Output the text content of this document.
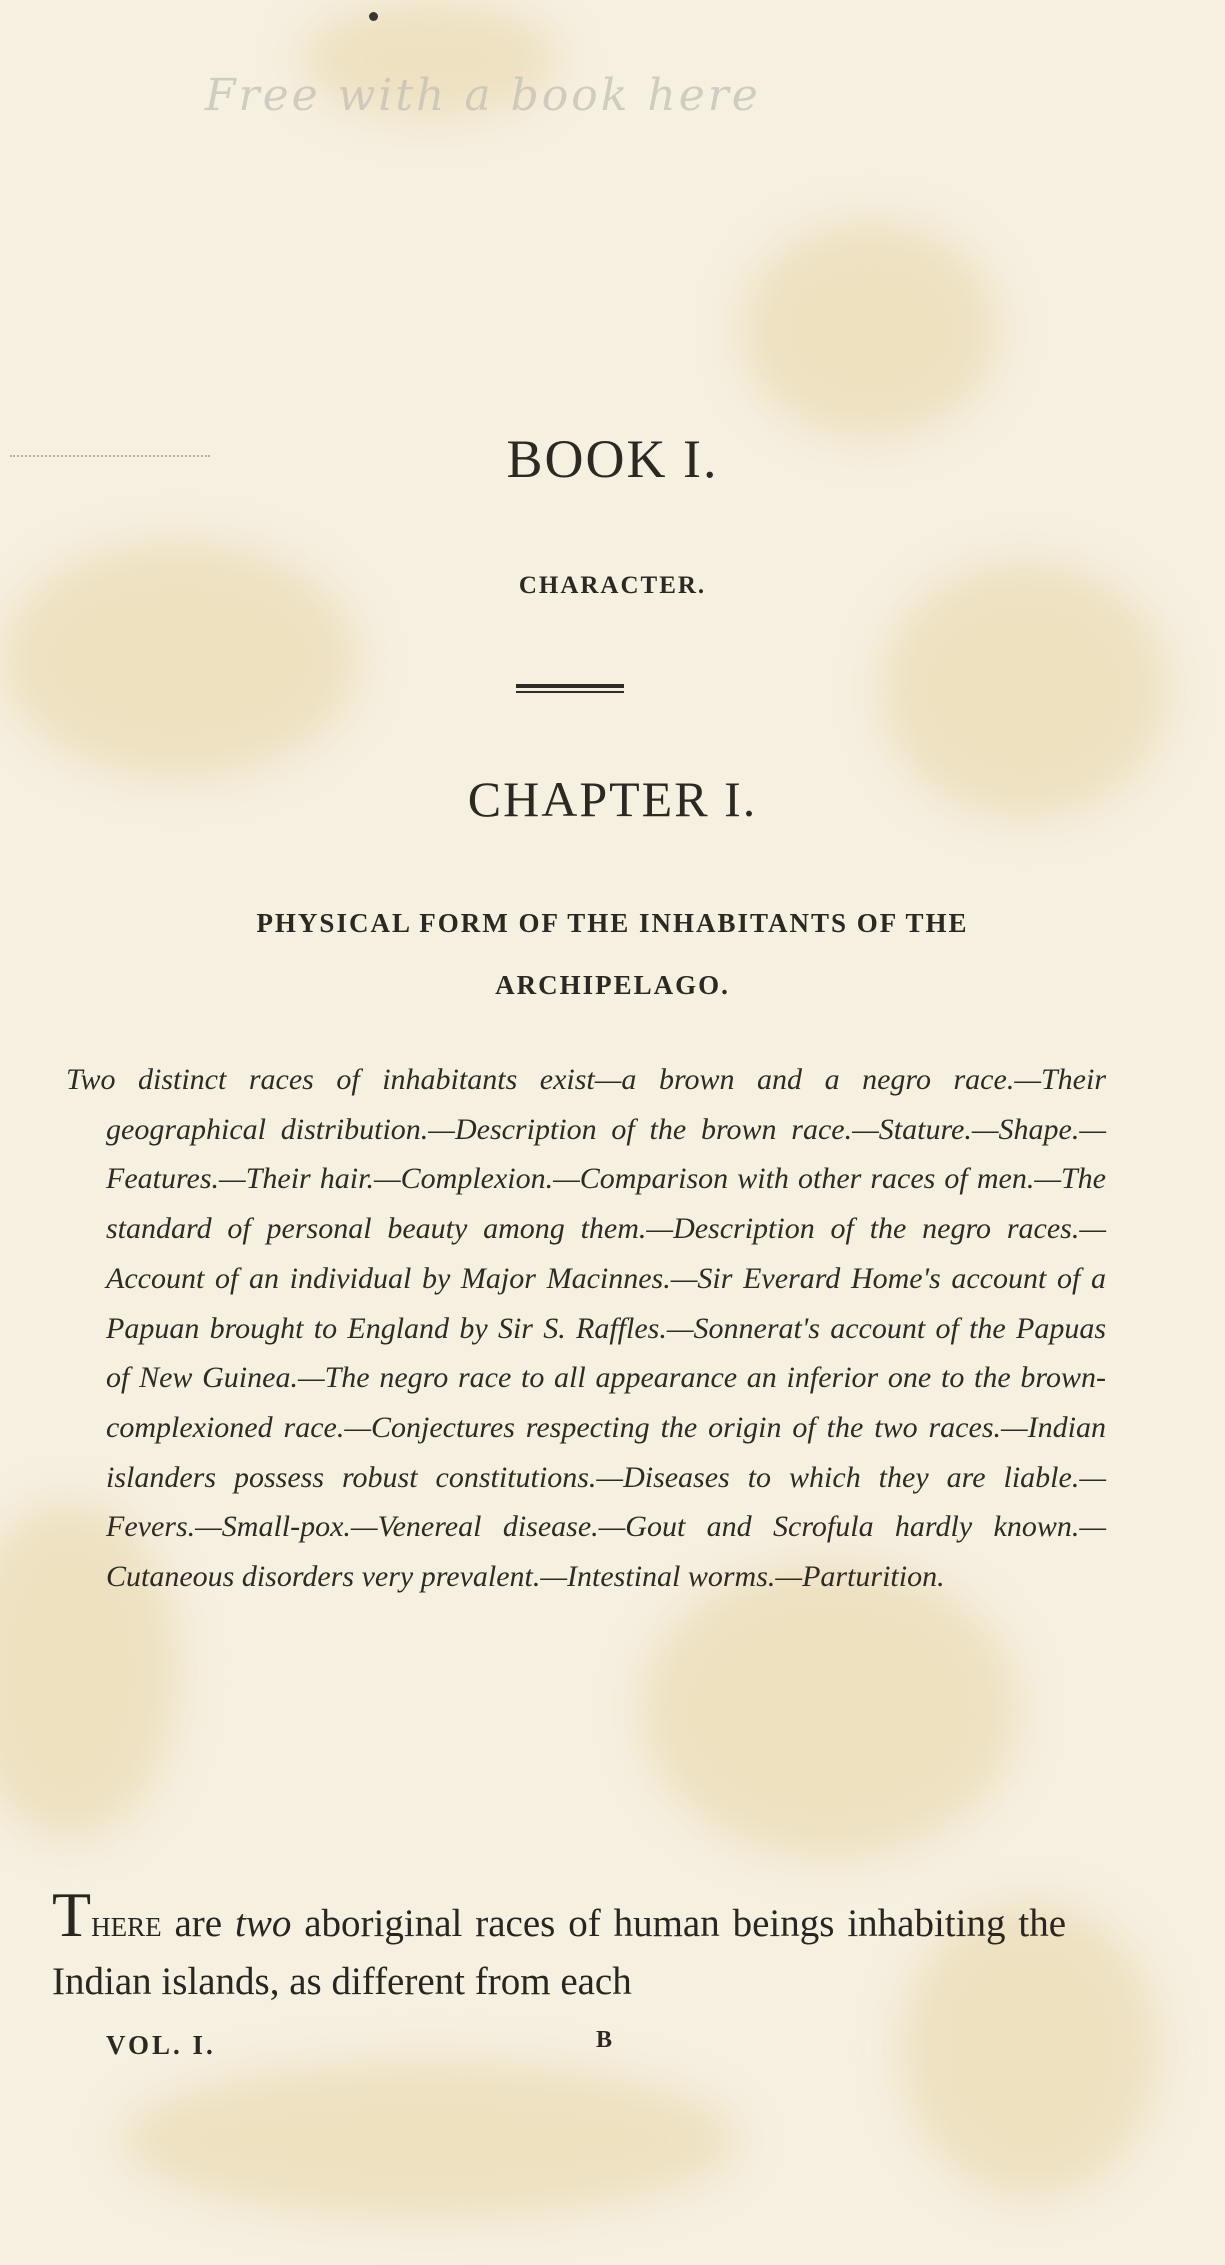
Free with a book here
BOOK I.
CHARACTER.
CHAPTER I.
PHYSICAL FORM OF THE INHABITANTS OF THE
ARCHIPELAGO.
Two distinct races of inhabitants exist—a brown and a negro race.—Their geographical distribution.—Description of the brown race.—Stature.—Shape.—Features.—Their hair.—Complexion.—Comparison with other races of men.—The standard of personal beauty among them.—Description of the negro races.—Account of an individual by Major Macinnes.—Sir Everard Home's account of a Papuan brought to England by Sir S. Raffles.—Sonnerat's account of the Papuas of New Guinea.—The negro race to all appearance an inferior one to the brown-complexioned race.—Conjectures respecting the origin of the two races.—Indian islanders possess robust constitutions.—Diseases to which they are liable.—Fevers.—Small-pox.—Venereal disease.—Gout and Scrofula hardly known.—Cutaneous disorders very prevalent.—Intestinal worms.—Parturition.
There are two aboriginal races of human beings inhabiting the Indian islands, as different from each
VOL. I.	B
